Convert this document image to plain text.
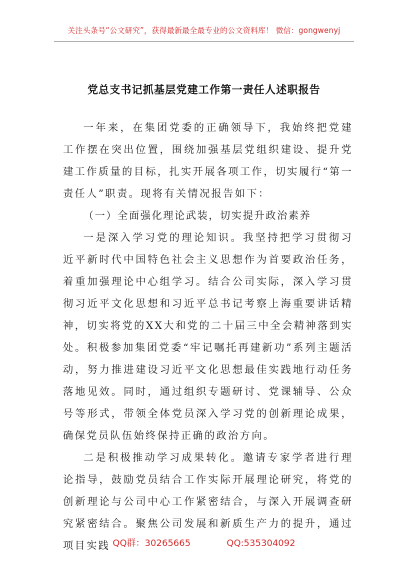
关注头条号“公文研究”，获得最新最全最专业的公文资料库！ 微信：gongwenyj
党总支书记抓基层党建工作第一责任人述职报告

一年来，在集团党委的正确领导下，我始终把党建工作摆在突出位置，围绕加强基层党组织建设、提升党建工作质量的目标，扎实开展各项工作，切实履行“第一责任人”职责。现将有关情况报告如下：

（一）全面强化理论武装，切实提升政治素养

一是深入学习党的理论知识。我坚持把学习贯彻习近平新时代中国特色社会主义思想作为首要政治任务，着重加强理论中心组学习。结合公司实际，深入学习贯彻习近平文化思想和习近平总书记考察上海重要讲话精神，切实将党的XX大和党的二十届三中全会精神落到实处。积极参加集团党委“牢记嘱托再建新功”系列主题活动，努力推进建设习近平文化思想最佳实践地行动任务落地见效。同时，通过组织专题研讨、党课辅导、公众号等形式，带领全体党员深入学习党的创新理论成果，确保党员队伍始终保持正确的政治方向。

二是积极推动学习成果转化。邀请专家学者进行理论指导，鼓励党员结合工作实际开展理论研究，将党的创新理论与公司中心工作紧密结合，与深入开展调查研究紧密结合。聚焦公司发展和新质生产力的提升，通过项目实践 QQ群：30265665	QQ:535304092
